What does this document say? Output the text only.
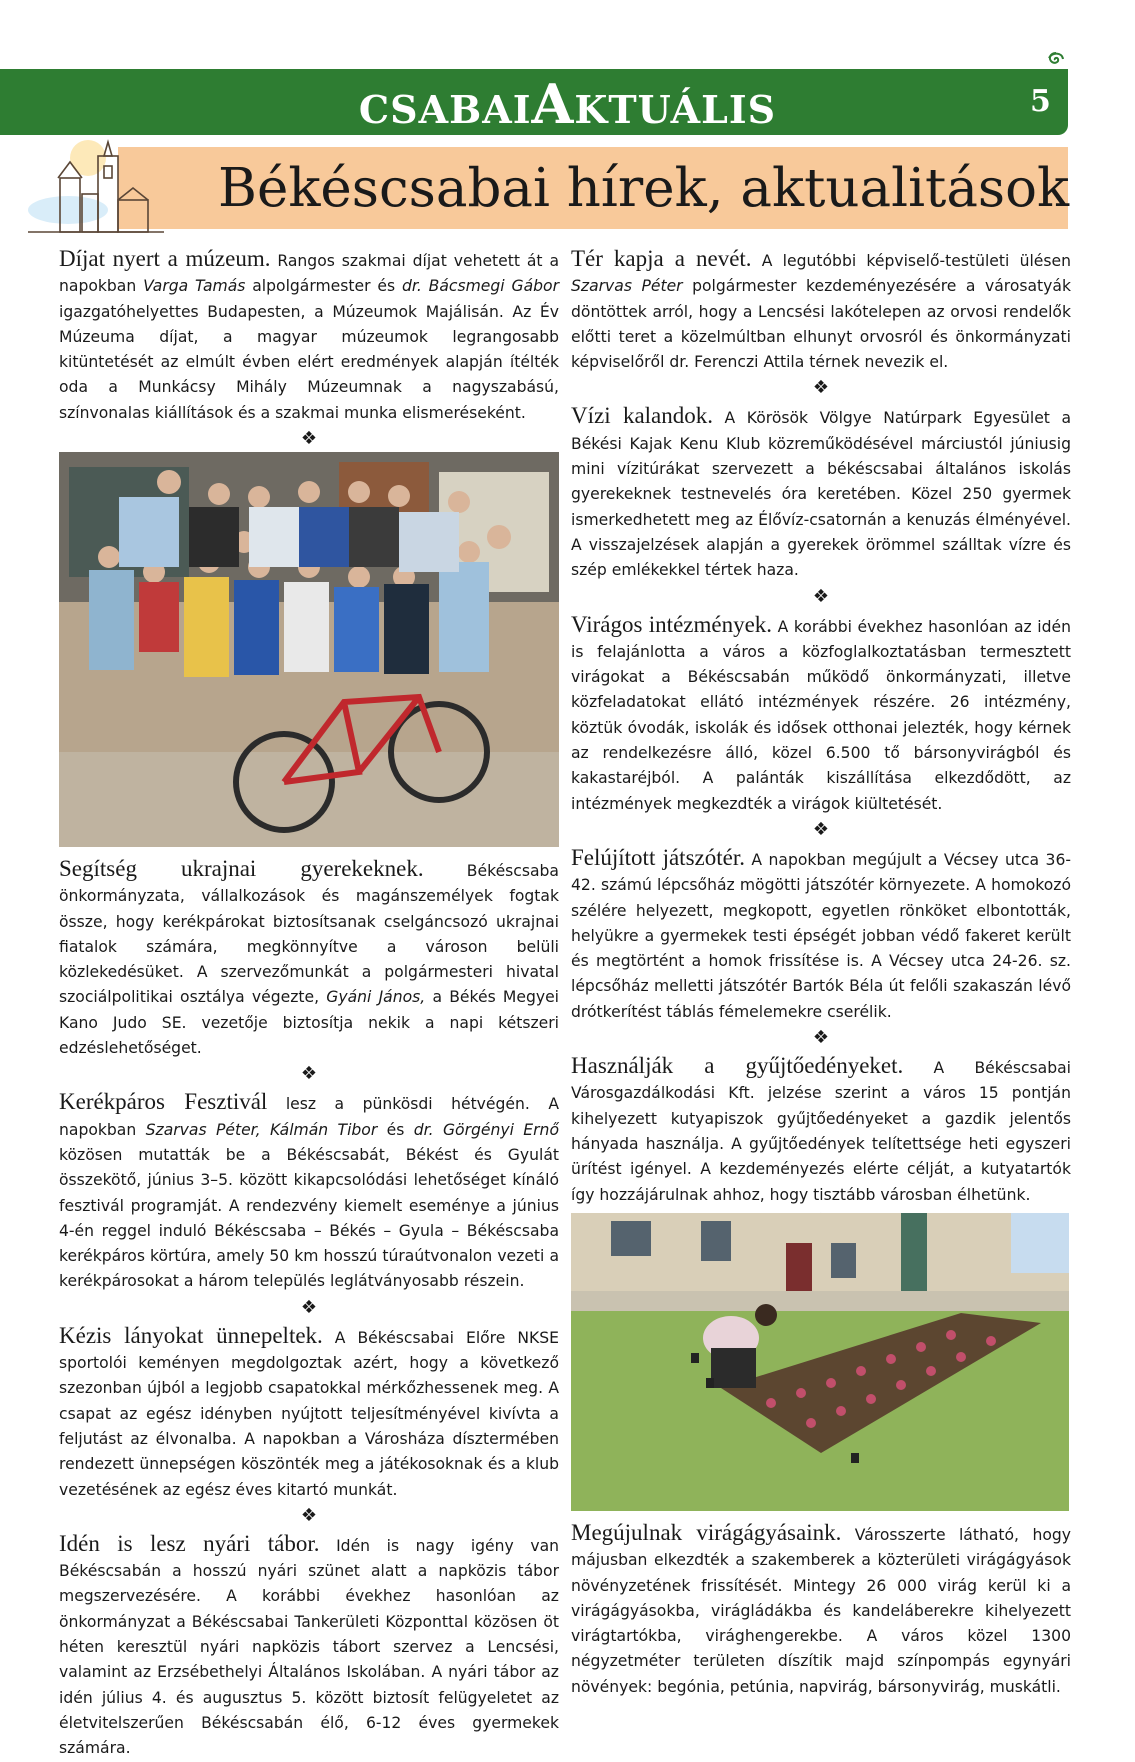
CSABAIAKTUÁLIS	5
Békéscsabai hírek, aktualitások
Díjat nyert a múzeum. Rangos szakmai díjat vehetett át a napokban Varga Tamás alpolgármester és dr. Bácsmegi Gábor igazgatóhelyettes Budapesten, a Múzeumok Majálisán. Az Év Múzeuma díjat, a magyar múzeumok legrangosabb kitüntetését az elmúlt évben elért eredmények alapján ítélték oda a Munkácsy Mihály Múzeumnak a nagyszabású, színvonalas kiállítások és a szakmai munka elismeréseként.
❖
Segítség ukrajnai gyerekeknek. Békéscsaba önkormányzata, vállalkozások és magánszemélyek fogtak össze, hogy kerékpárokat biztosítsanak cselgáncsozó ukrajnai fiatalok számára, megkönnyítve a városon belüli közlekedésüket. A szervezőmunkát a polgármesteri hivatal szociálpolitikai osztálya végezte, Gyáni János, a Békés Megyei Kano Judo SE. vezetője biztosítja nekik a napi kétszeri edzéslehetőséget.
❖
Kerékpáros Fesztivál lesz a pünkösdi hétvégén. A napokban Szarvas Péter, Kálmán Tibor és dr. Görgényi Ernő közösen mutatták be a Békéscsabát, Békést és Gyulát összekötő, június 3–5. között kikapcsolódási lehetőséget kínáló fesztivál programját. A rendezvény kiemelt eseménye a június 4-én reggel induló Békéscsaba – Békés – Gyula – Békéscsaba kerékpáros körtúra, amely 50 km hosszú túraútvonalon vezeti a kerékpárosokat a három település leglátványosabb részein.
❖
Kézis lányokat ünnepeltek. A Békéscsabai Előre NKSE sportolói keményen megdolgoztak azért, hogy a következő szezonban újból a legjobb csapatokkal mérkőzhessenek meg. A csapat az egész idényben nyújtott teljesítményével kivívta a feljutást az élvonalba. A napokban a Városháza dísztermében rendezett ünnepségen köszönték meg a játékosoknak és a klub vezetésének az egész éves kitartó munkát.
❖
Idén is lesz nyári tábor. Idén is nagy igény van Békéscsabán a hosszú nyári szünet alatt a napközis tábor megszervezésére. A korábbi évekhez hasonlóan az önkormányzat a Békéscsabai Tankerületi Központtal közösen öt héten keresztül nyári napközis tábort szervez a Lencsési, valamint az Erzsébethelyi Általános Iskolában. A nyári tábor az idén július 4. és augusztus 5. között biztosít felügyeletet az életvitelszerűen Békéscsabán élő, 6-12 éves gyermekek számára.
Tér kapja a nevét. A legutóbbi képviselő-testületi ülésen Szarvas Péter polgármester kezdeményezésére a városatyák döntöttek arról, hogy a Lencsési lakótelepen az orvosi rendelők előtti teret a közelmúltban elhunyt orvosról és önkormányzati képviselőről dr. Ferenczi Attila térnek nevezik el.
❖
Vízi kalandok. A Körösök Völgye Natúrpark Egyesület a Békési Kajak Kenu Klub közreműködésével márciustól júniusig mini vízitúrákat szervezett a békéscsabai általános iskolás gyerekeknek testnevelés óra keretében. Közel 250 gyermek ismerkedhetett meg az Élővíz-csatornán a kenuzás élményével. A visszajelzések alapján a gyerekek örömmel szálltak vízre és szép emlékekkel tértek haza.
❖
Virágos intézmények. A korábbi évekhez hasonlóan az idén is felajánlotta a város a közfoglalkoztatásban termesztett virágokat a Békéscsabán működő önkormányzati, illetve közfeladatokat ellátó intézmények részére. 26 intézmény, köztük óvodák, iskolák és idősek otthonai jelezték, hogy kérnek az rendelkezésre álló, közel 6.500 tő bársonyvirágból és kakastaréjból. A palánták kiszállítása elkezdődött, az intézmények megkezdték a virágok kiültetését.
❖
Felújított játszótér. A napokban megújult a Vécsey utca 36-42. számú lépcsőház mögötti játszótér környezete. A homokozó szélére helyezett, megkopott, egyetlen rönköket elbontották, helyükre a gyermekek testi épségét jobban védő fakeret került és megtörtént a homok frissítése is. A Vécsey utca 24-26. sz. lépcsőház melletti játszótér Bartók Béla út felőli szakaszán lévő drótkerítést táblás fémelemekre cserélik.
❖
Használják a gyűjtőedényeket. A Békéscsabai Városgazdálkodási Kft. jelzése szerint a város 15 pontján kihelyezett kutyapiszok gyűjtőedényeket a gazdik jelentős hányada használja. A gyűjtőedények telítettsége heti egyszeri ürítést igényel. A kezdeményezés elérte célját, a kutyatartók így hozzájárulnak ahhoz, hogy tisztább városban élhetünk.
Megújulnak virágágyásaink. Városszerte látható, hogy májusban elkezdték a szakemberek a közterületi virágágyások növényzetének frissítését. Mintegy 26 000 virág kerül ki a virágágyásokba, virágládákba és kandeláberekre kihelyezett virágtartókba, virághengerekbe. A város közel 1300 négyzetméter területen díszítik majd színpompás egynyári növények: begónia, petúnia, napvirág, bársonyvirág, muskátli.
